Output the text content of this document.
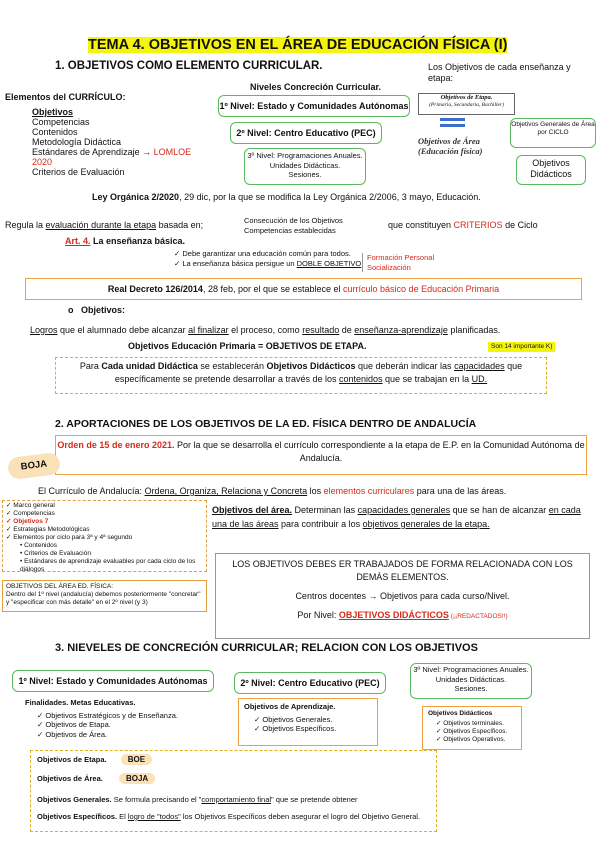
TEMA 4. OBJETIVOS EN EL ÁREA DE EDUCACIÓN FÍSICA (I)
1. OBJETIVOS COMO ELEMENTO CURRICULAR.
Niveles Concreción Curricular.
Elementos del CURRÍCULO:
Objetivos
Competencias
Contenidos
Metodología Didáctica
Estándares de Aprendizaje → LOMLOE 2020
Criterios de Evaluación
1º Nivel: Estado y Comunidades Autónomas
2º Nivel: Centro Educativo (PEC)
3º Nivel: Programaciones Anuales.
Unidades Didácticas.
Sesiones.
Los Objetivos de cada enseñanza y etapa:
Objetivos de Etapa.
(Primaria, Secundaria, Bachiller)
Objetivos de Área
(Educación física)
Objetivos Generales de Área por CICLO
Objetivos Didácticos
Ley Orgánica 2/2020, 29 dic, por la que se modifica la Ley Orgánica 2/2006, 3 mayo, Educación.
Regula la evaluación durante la etapa basada en;	Consecución de los Objetivos
Competencias establecidas	que constituyen CRITERIOS de Ciclo
Art. 4. La enseñanza básica.
✓ Debe garantizar una educación común para todos.
✓ La enseñanza básica persigue un DOBLE OBJETIVO
Formación Personal
Socialización
Real Decreto 126/2014, 28 feb, por el que se establece el currículo básico de Educación Primaria
o   Objetivos:
Logros que el alumnado debe alcanzar al finalizar el proceso, como resultado de enseñanza-aprendizaje planificadas.
Objetivos Educación Primaria = OBJETIVOS DE ETAPA.	Son 14 importante K)
Para Cada unidad Didáctica se establecerán Objetivos Didácticos que deberán indicar las capacidades que específicamente se pretende desarrollar a través de los contenidos que se trabajan en la UD.
2. APORTACIONES DE LOS OBJETIVOS DE LA ED. FÍSICA DENTRO DE ANDALUCÍA
Orden de 15 de enero 2021. Por la que se desarrolla el currículo correspondiente a la etapa de E.P. en la Comunidad Autónoma de Andalucía.
BOJA
El Currículo de Andalucía: Ordena, Organiza, Relaciona y Concreta los elementos curriculares para una de las áreas.
✓ Marco general
✓ Competencias
✓ Objetivos 7
✓ Estrategias Metodológicas
✓ Elementos por ciclo para 3ª y 4ª segundo
• Contenidos
• Criterios de Evaluación
• Estándares de aprendizaje evaluables por cada ciclo de los diálogos
OBJETIVOS DEL ÁREA ED. FÍSICA:
Dentro del 1º nivel (andalucía) debemos posteriormente "concretar" y "especificar con más detalle" en el 2º nivel (y 3)
Objetivos del área. Determinan las capacidades generales que se han de alcanzar en cada una de las áreas para contribuir a los objetivos generales de la etapa.
LOS OBJETIVOS DEBES ER TRABAJADOS DE FORMA RELACIONADA CON LOS DEMÁS ELEMENTOS.
Centros docentes → Objetivos para cada curso/Nivel.
Por Nivel: OBJETIVOS DIDÁCTICOS (¡¡REDACTADOS!!)
3. NIEVELES DE CONCRECIÓN CURRICULAR; RELACION CON LOS OBJETIVOS
1º Nivel: Estado y Comunidades Autónomas	2º Nivel: Centro Educativo (PEC)
3º Nivel: Programaciones Anuales.
Unidades Didácticas.
Sesiones.
Finalidades. Metas Educativas.
✓ Objetivos Estratégicos y de Enseñanza.
✓ Objetivos de Etapa.
✓ Objetivos de Área.
Objetivos de Aprendizaje.
✓ Objetivos Generales.
✓ Objetivos Específicos.
Objetivos Didácticos
✓ Objetivos terminales.
✓ Objetivos Específicos.
✓ Objetivos Operativos.
Objetivos de Etapa.	BOE
Objetivos de Área.	BOJA
Objetivos Generales. Se formula precisando el "comportamiento final" que se pretende obtener
Objetivos Específicos. El logro de "todos" los Objetivos Específicos deben asegurar el logro del Objetivo General.
